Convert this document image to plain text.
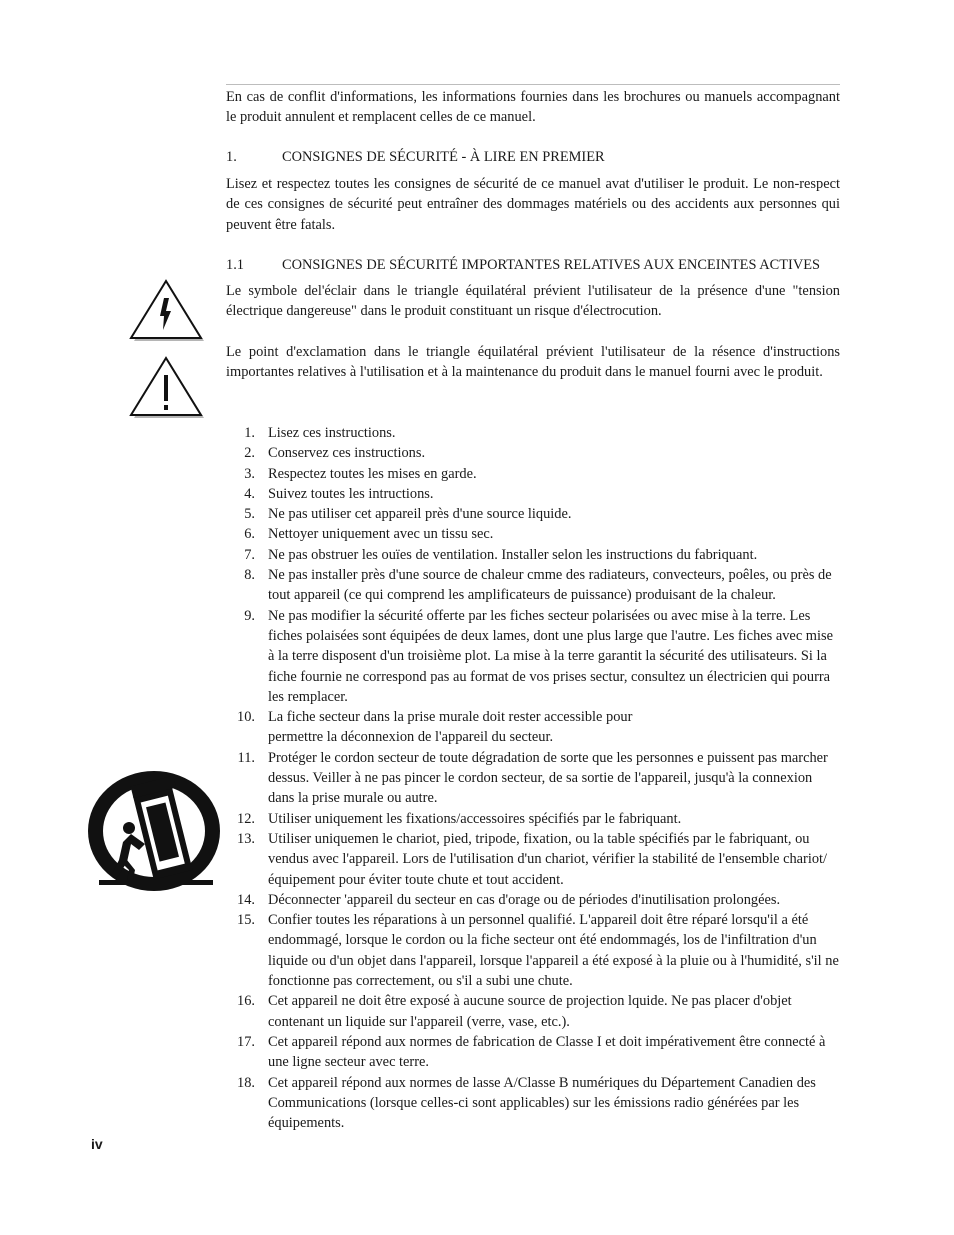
En cas de conflit d'informations, les informations fournies dans les brochures ou manuels accompagnant le produit annulent et remplacent celles de ce manuel.
1.	CONSIGNES DE SÉCURITÉ - À LIRE EN PREMIER
Lisez et respectez toutes les consignes de sécurité de ce manuel avat d'utiliser le produit. Le non-respect de ces consignes de sécurité peut entraîner des dommages matériels ou des accidents aux personnes qui peuvent être fatals.
1.1	CONSIGNES DE SÉCURITÉ IMPORTANTES RELATIVES AUX ENCEINTES ACTIVES
Le symbole del'éclair dans le triangle équilatéral prévient l'utilisateur de la présence d'une "tension électrique dangereuse" dans le produit constituant un risque d'électrocution.
Le point d'exclamation dans le triangle équilatéral prévient l'utilisateur de la résence d'instructions importantes relatives à l'utilisation et à la maintenance du produit dans le manuel fourni avec le produit.
1. Lisez ces instructions.
2. Conservez ces instructions.
3. Respectez toutes les mises en garde.
4. Suivez toutes les intructions.
5. Ne pas utiliser cet appareil près d'une source liquide.
6. Nettoyer uniquement avec un tissu sec.
7. Ne pas obstruer les ouïes de ventilation. Installer selon les instructions du fabriquant.
8. Ne pas installer près d'une source de chaleur cmme des radiateurs, convecteurs, poêles, ou près de tout appareil (ce qui comprend les amplificateurs de puissance) produisant de la chaleur.
9. Ne pas modifier la sécurité offerte par les fiches secteur polarisées ou avec mise à la terre. Les fiches polaisées sont équipées de deux lames, dont une plus large que l'autre. Les fiches avec mise à la terre disposent d'un troisième plot. La mise à la terre garantit la sécurité des utilisateurs. Si la fiche fournie ne correspond pas au format de vos prises sectur, consultez un électricien qui pourra les remplacer.
10. La fiche secteur dans la prise murale doit rester accessible pour
permettre la déconnexion de l'appareil du secteur.
11. Protéger le cordon secteur de toute dégradation de sorte que les personnes e puissent pas marcher dessus. Veiller à ne pas pincer le cordon secteur, de sa sortie de l'appareil, jusqu'à la connexion dans la prise murale ou autre.
12. Utiliser uniquement les fixations/accessoires spécifiés par le fabriquant.
13. Utiliser uniquemen le chariot, pied, tripode, fixation, ou la table spécifiés par le fabriquant, ou vendus avec l'appareil. Lors de l'utilisation d'un chariot, vérifier la stabilité de l'ensemble chariot/équipement pour éviter toute chute et tout accident.
14. Déconnecter 'appareil du secteur en cas d'orage ou de périodes d'inutilisation prolongées.
15. Confier toutes les réparations à un personnel qualifié. L'appareil doit être réparé lorsqu'il a été endommagé, lorsque le cordon ou la fiche secteur ont été endommagés, los de l'infiltration d'un liquide ou d'un objet dans l'appareil, lorsque l'appareil a été exposé à la pluie ou à l'humidité, s'il ne fonctionne pas correctement, ou s'il a subi une chute.
16. Cet appareil ne doit être exposé à aucune source de projection lquide. Ne pas placer d'objet contenant un liquide sur l'appareil (verre, vase, etc.).
17. Cet appareil répond aux normes de fabrication de Classe I et doit impérativement être connecté à une ligne secteur avec terre.
18. Cet appareil répond aux normes de lasse A/Classe B numériques du Département Canadien des Communications (lorsque celles-ci sont applicables) sur les émissions radio générées par les équipements.
iv
